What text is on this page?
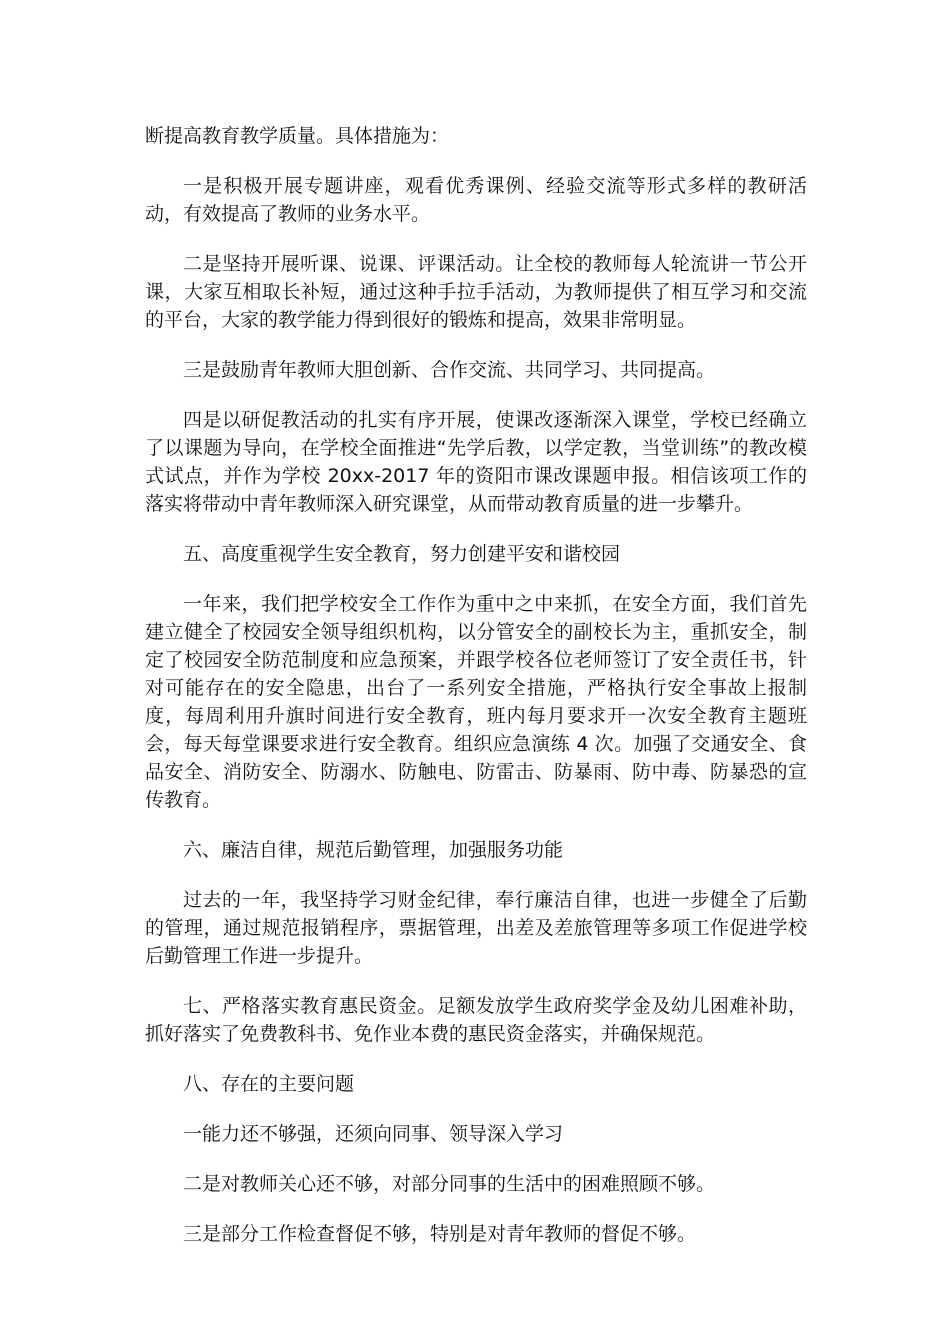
断提高教育教学质量。具体措施为：

一是积极开展专题讲座，观看优秀课例、经验交流等形式多样的教研活动，有效提高了教师的业务水平。

二是坚持开展听课、说课、评课活动。让全校的教师每人轮流讲一节公开课，大家互相取长补短，通过这种手拉手活动，为教师提供了相互学习和交流的平台，大家的教学能力得到很好的锻炼和提高，效果非常明显。

三是鼓励青年教师大胆创新、合作交流、共同学习、共同提高。

四是以研促教活动的扎实有序开展，使课改逐渐深入课堂，学校已经确立了以课题为导向，在学校全面推进“先学后教，以学定教，当堂训练”的教改模式试点，并作为学校 20xx-2017 年的资阳市课改课题申报。相信该项工作的落实将带动中青年教师深入研究课堂，从而带动教育质量的进一步攀升。

五、高度重视学生安全教育，努力创建平安和谐校园

一年来，我们把学校安全工作作为重中之中来抓，在安全方面，我们首先建立健全了校园安全领导组织机构，以分管安全的副校长为主，重抓安全，制定了校园安全防范制度和应急预案，并跟学校各位老师签订了安全责任书，针对可能存在的安全隐患，出台了一系列安全措施，严格执行安全事故上报制度，每周利用升旗时间进行安全教育，班内每月要求开一次安全教育主题班会，每天每堂课要求进行安全教育。组织应急演练 4 次。加强了交通安全、食品安全、消防安全、防溺水、防触电、防雷击、防暴雨、防中毒、防暴恐的宣传教育。

六、廉洁自律，规范后勤管理，加强服务功能

过去的一年，我坚持学习财金纪律，奉行廉洁自律，也进一步健全了后勤的管理，通过规范报销程序，票据管理，出差及差旅管理等多项工作促进学校后勤管理工作进一步提升。

七、严格落实教育惠民资金。足额发放学生政府奖学金及幼儿困难补助，抓好落实了免费教科书、免作业本费的惠民资金落实，并确保规范。

八、存在的主要问题

一能力还不够强，还须向同事、领导深入学习

二是对教师关心还不够，对部分同事的生活中的困难照顾不够。

三是部分工作检查督促不够，特别是对青年教师的督促不够。
